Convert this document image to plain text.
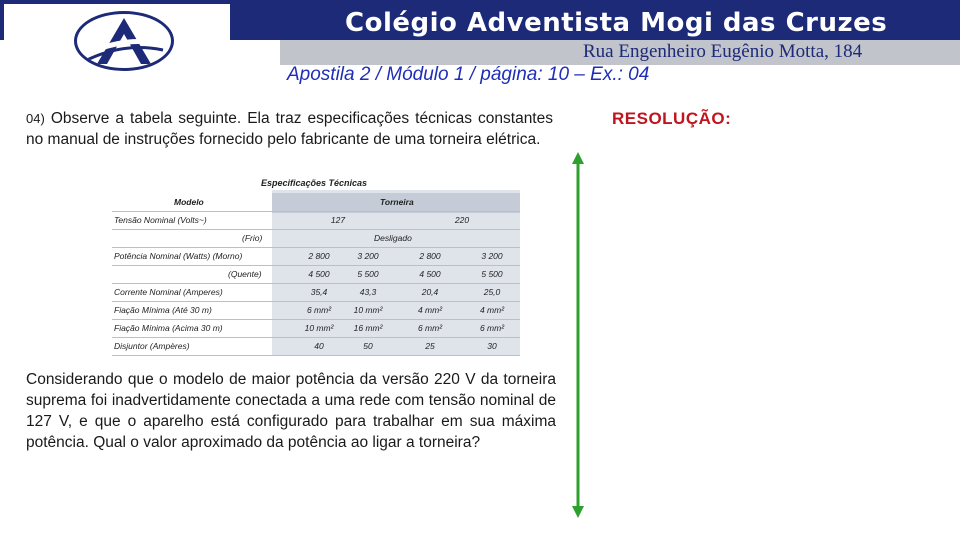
Colégio Adventista Mogi das Cruzes
Rua Engenheiro Eugênio Motta, 184
Apostila 2 / Módulo 1 / página: 10 – Ex.: 04
04) Observe a tabela seguinte. Ela traz especificações técnicas constantes no manual de instruções fornecido pelo fabricante de uma torneira elétrica.
Especificações Técnicas
Modelo	Torneira
Tensão Nominal (Volts~)	127	220
(Frio)	Desligado
Potência Nominal (Watts) (Morno)	2 800	3 200	2 800	3 200
(Quente)	4 500	5 500	4 500	5 500
Corrente Nominal (Amperes)	35,4	43,3	20,4	25,0
Fiação Mínima (Até 30 m)	6 mm²	10 mm²	4 mm²	4 mm²
Fiação Mínima (Acima 30 m)	10 mm²	16 mm²	6 mm²	6 mm²
Disjuntor (Ampères)	40	50	25	30
Considerando que o modelo de maior potência da versão 220 V da torneira suprema foi inadvertidamente conectada a uma rede com tensão nominal de 127 V, e que o aparelho está configurado para trabalhar em sua máxima potência. Qual o valor aproximado da potência ao ligar a torneira?
RESOLUÇÃO:
